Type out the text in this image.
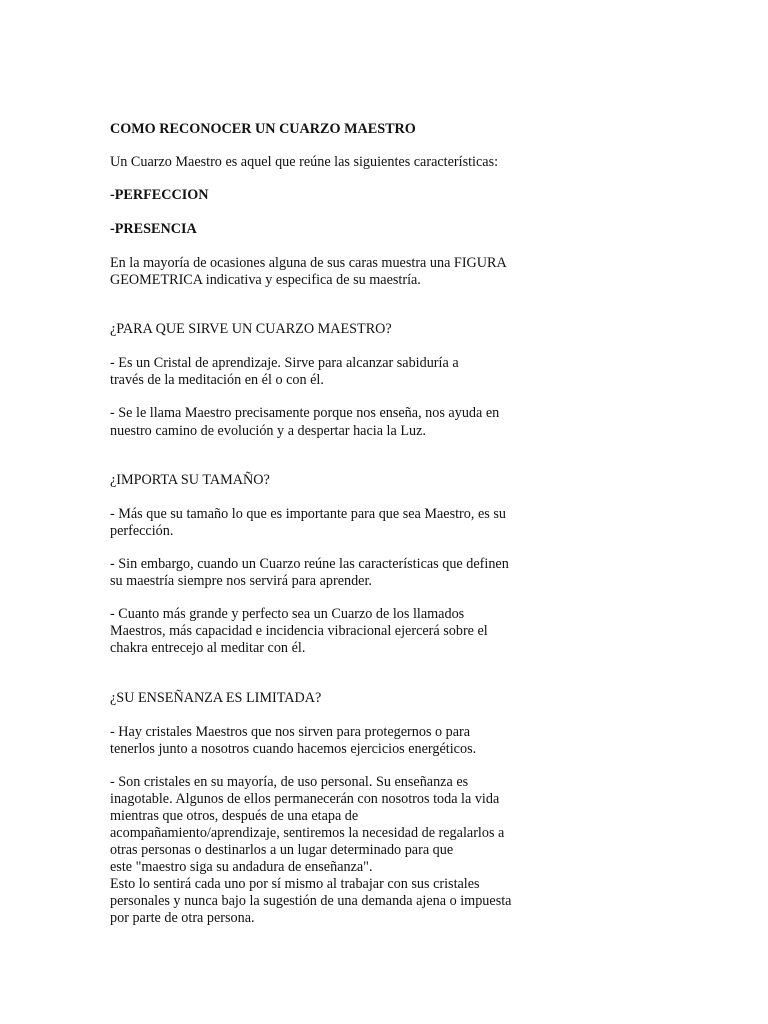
COMO RECONOCER UN CUARZO MAESTRO
Un Cuarzo Maestro es aquel que reúne las siguientes características:
-PERFECCION
-PRESENCIA
En la mayoría de ocasiones alguna de sus caras muestra una FIGURA
GEOMETRICA indicativa y especifica de su maestría.
¿PARA QUE SIRVE UN CUARZO MAESTRO?
- Es un Cristal de aprendizaje. Sirve para alcanzar sabiduría a
través de la meditación en él o con él.
- Se le llama Maestro precisamente porque nos enseña, nos ayuda en
nuestro camino de evolución y a despertar hacia la Luz.
¿IMPORTA SU TAMAÑO?
- Más que su tamaño lo que es importante para que sea Maestro, es su
perfección.
- Sin embargo, cuando un Cuarzo reúne las características que definen
su maestría siempre nos servirá para aprender.
- Cuanto más grande y perfecto sea un Cuarzo de los llamados
Maestros, más capacidad e incidencia vibracional ejercerá sobre el
chakra entrecejo al meditar con él.
¿SU ENSEÑANZA ES LIMITADA?
- Hay cristales Maestros que nos sirven para protegernos o para
tenerlos junto a nosotros cuando hacemos ejercicios energéticos.
- Son cristales en su mayoría, de uso personal. Su enseñanza es
inagotable. Algunos de ellos permanecerán con nosotros toda la vida
mientras que otros, después de una etapa de
acompañamiento/aprendizaje, sentiremos la necesidad de regalarlos a
otras personas o destinarlos a un lugar determinado para que
este "maestro siga su andadura de enseñanza".
Esto lo sentirá cada uno por sí mismo al trabajar con sus cristales
personales y nunca bajo la sugestión de una demanda ajena o impuesta
por parte de otra persona.
